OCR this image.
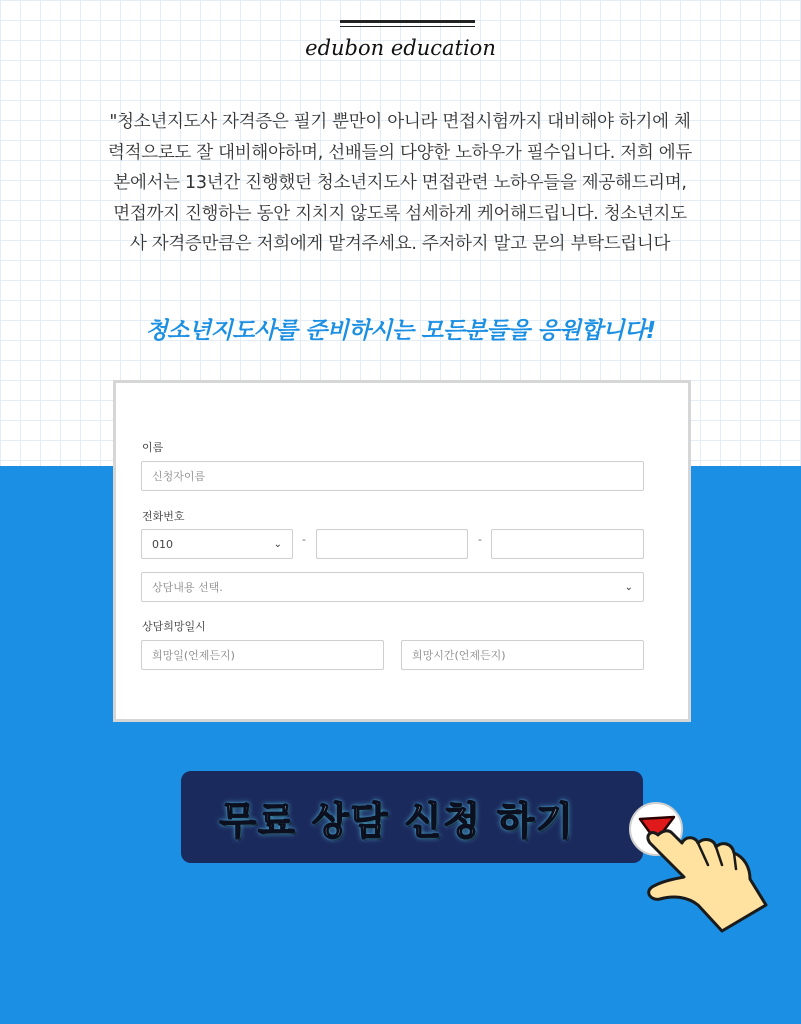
edubon education
"청소년지도사 자격증은 필기 뿐만이 아니라 면접시험까지 대비해야 하기에 체
력적으로도 잘 대비해야하며, 선배들의 다양한 노하우가 필수입니다. 저희 에듀
본에서는 13년간 진행했던 청소년지도사 면접관련 노하우들을 제공해드리며,
면접까지 진행하는 동안 지치지 않도록 섬세하게 케어해드립니다. 청소년지도
사 자격증만큼은 저희에게 맡겨주세요. 주저하지 말고 문의 부탁드립니다
청소년지도사를 준비하시는 모든분들을 응원합니다!
이름
신청자이름
전화번호
010	⌄ -	-
상담내용 선택.	⌄
상담희망일시
희망일(언제든지)	희망시간(언제든지)
무료 상담 신청 하기
